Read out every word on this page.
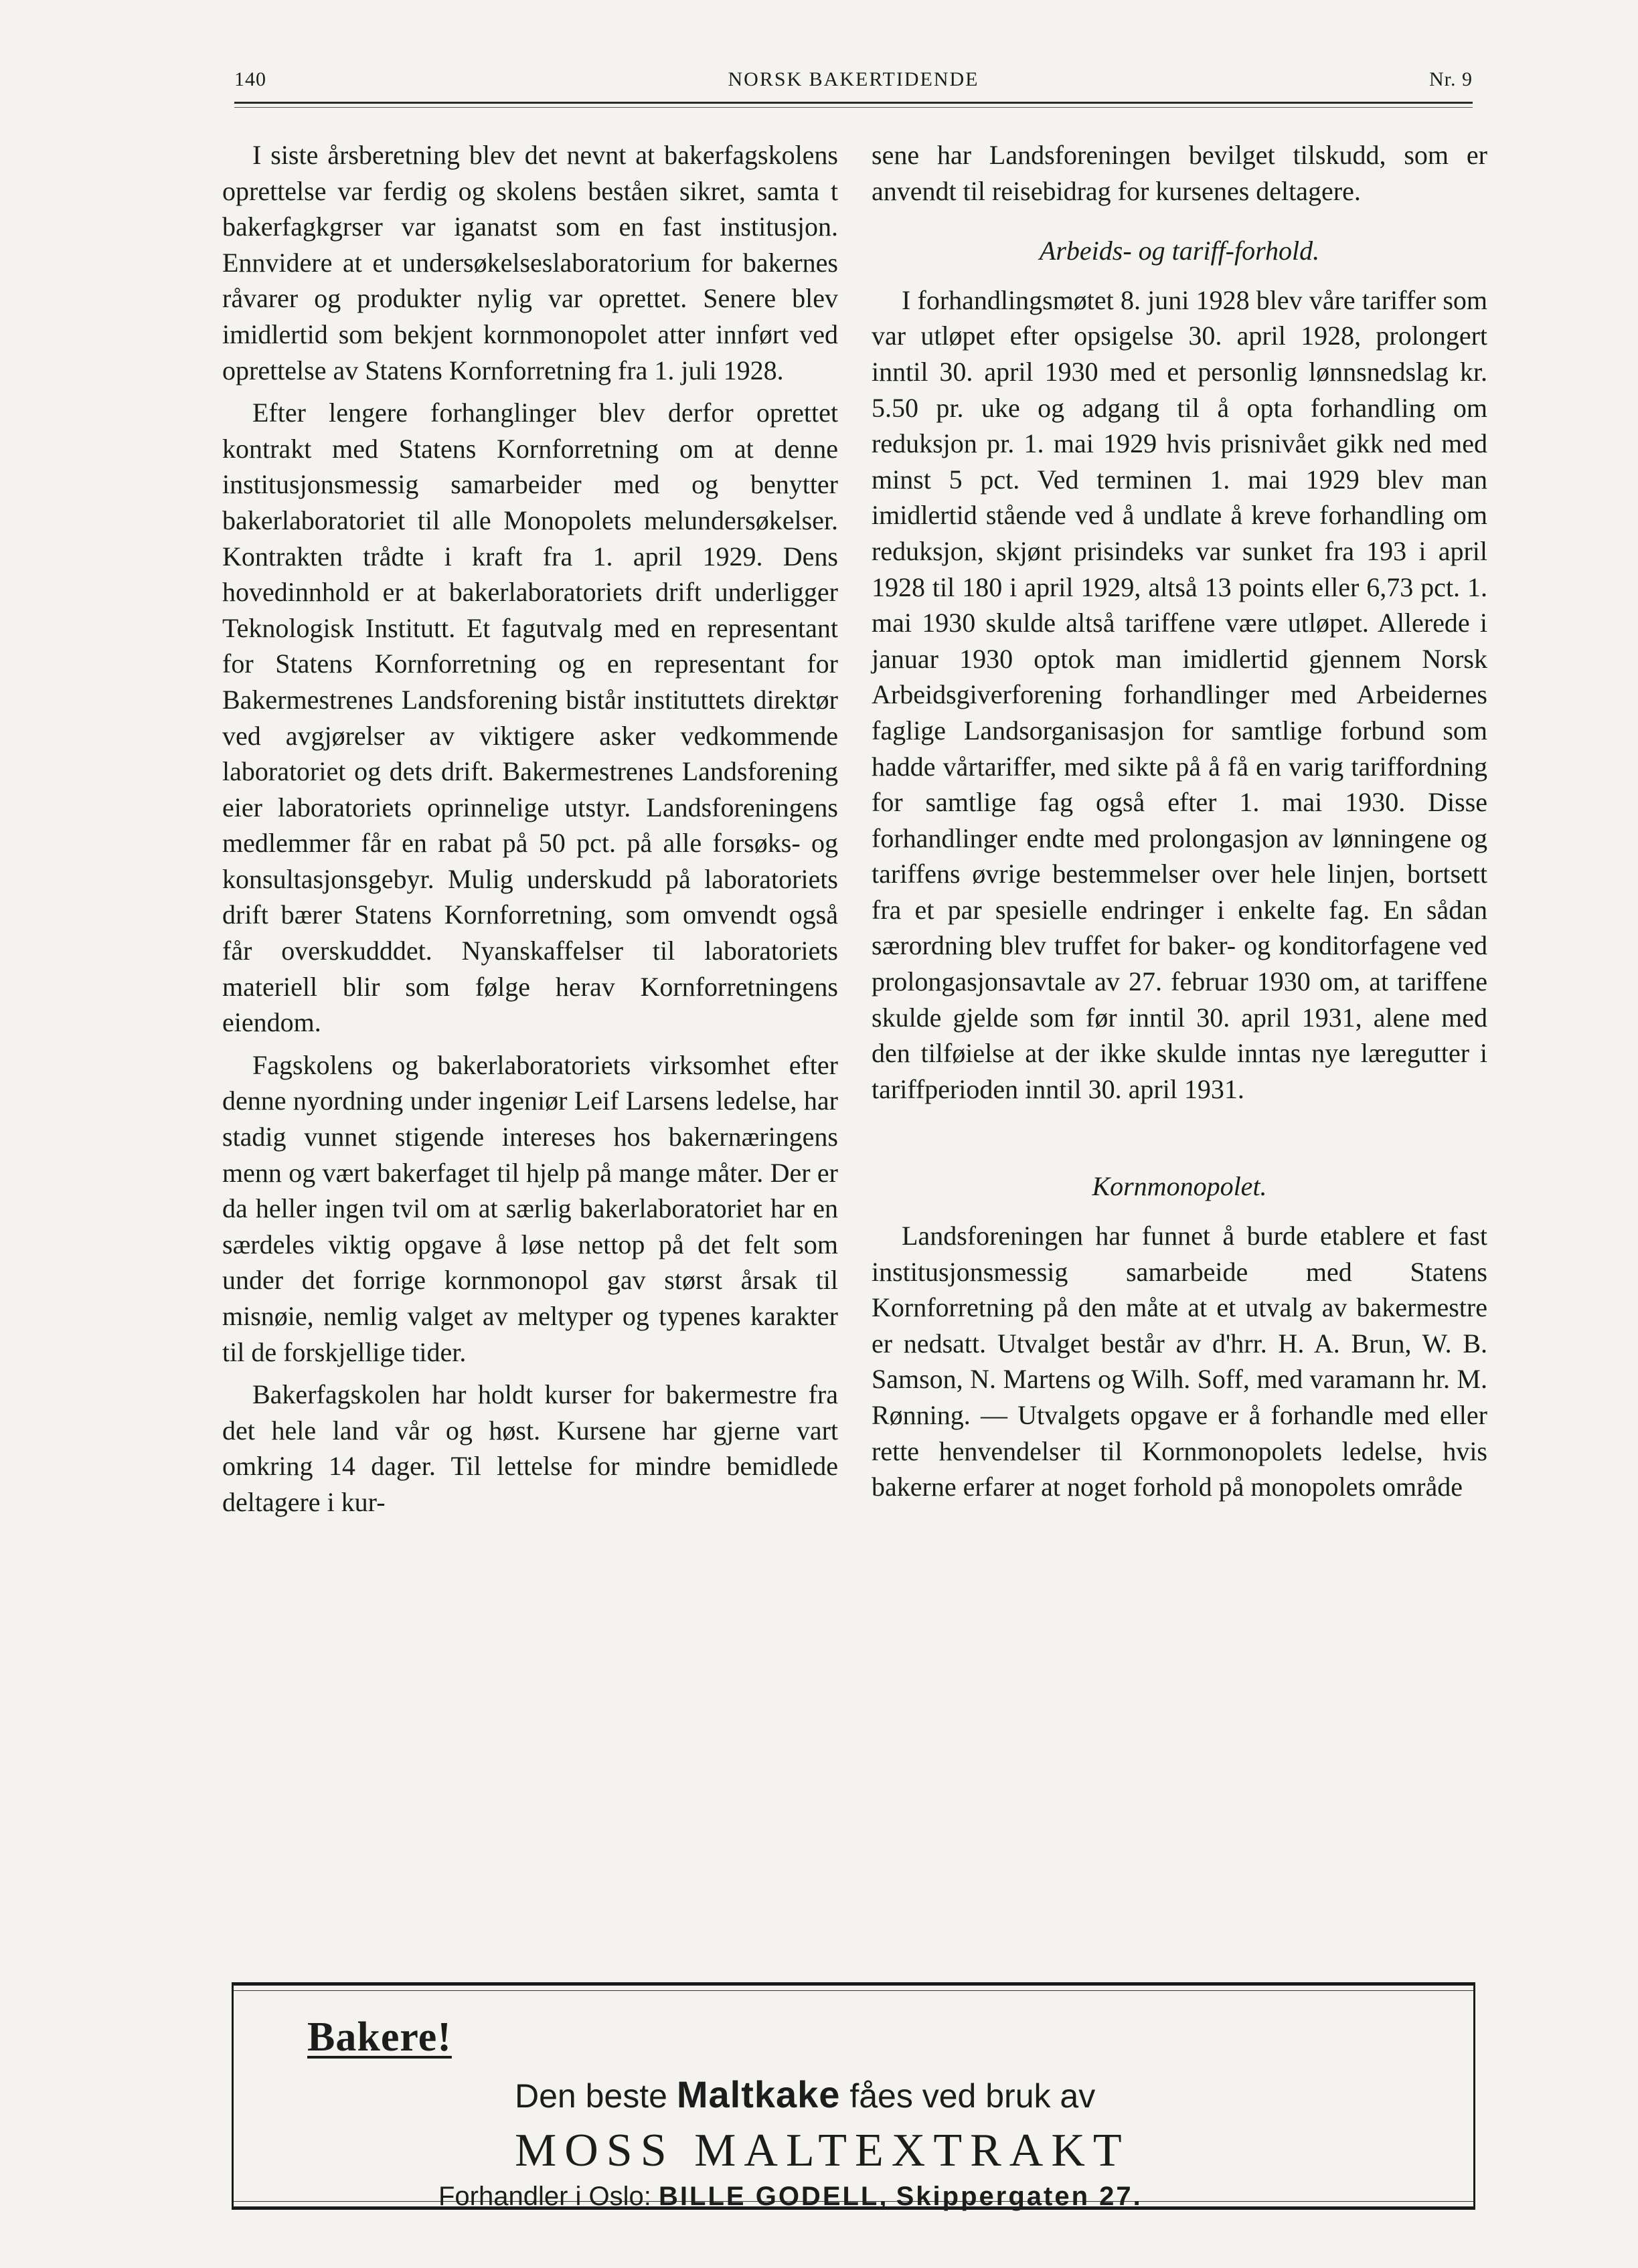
140	NORSK BAKERTIDENDE	Nr. 9

I siste årsberetning blev det nevnt at bakerfagskolens oprettelse var ferdig og skolens beståen sikret, samta t bakerfagkgrser var iganatst som en fast institusjon. Ennvidere at et undersøkelseslaboratorium for bakernes råvarer og produkter nylig var oprettet. Senere blev imidlertid som bekjent kornmonopolet atter innført ved oprettelse av Statens Kornforretning fra 1. juli 1928.

Efter lengere forhanglinger blev derfor oprettet kontrakt med Statens Kornforretning om at denne institusjonsmessig samarbeider med og benytter bakerlaboratoriet til alle Monopolets melundersøkelser. Kontrakten trådte i kraft fra 1. april 1929. Dens hovedinnhold er at bakerlaboratoriets drift underligger Teknologisk Institutt. Et fagutvalg med en representant for Statens Kornforretning og en representant for Bakermestrenes Landsforening bistår instituttets direktør ved avgjørelser av viktigere asker vedkommende laboratoriet og dets drift. Bakermestrenes Landsforening eier laboratoriets oprinnelige utstyr. Landsforeningens medlemmer får en rabat på 50 pct. på alle forsøks- og konsultasjonsgebyr. Mulig underskudd på laboratoriets drift bærer Statens Kornforretning, som omvendt også får overskudddet. Nyanskaffelser til laboratoriets materiell blir som følge herav Kornforretningens eiendom.

Fagskolens og bakerlaboratoriets virksomhet efter denne nyordning under ingeniør Leif Larsens ledelse, har stadig vunnet stigende intereses hos bakernæringens menn og vært bakerfaget til hjelp på mange måter. Der er da heller ingen tvil om at særlig bakerlaboratoriet har en særdeles viktig opgave å løse nettop på det felt som under det forrige kornmonopol gav størst årsak til misnøie, nemlig valget av meltyper og typenes karakter til de forskjellige tider.

Bakerfagskolen har holdt kurser for bakermestre fra det hele land vår og høst. Kursene har gjerne vart omkring 14 dager. Til lettelse for mindre bemidlede deltagere i kur-

sene har Landsforeningen bevilget tilskudd, som er anvendt til reisebidrag for kursenes deltagere.

Arbeids- og tariff-forhold.

I forhandlingsmøtet 8. juni 1928 blev våre tariffer som var utløpet efter opsigelse 30. april 1928, prolongert inntil 30. april 1930 med et personlig lønnsnedslag kr. 5.50 pr. uke og adgang til å opta forhandling om reduksjon pr. 1. mai 1929 hvis prisnivået gikk ned med minst 5 pct. Ved terminen 1. mai 1929 blev man imidlertid stående ved å undlate å kreve forhandling om reduksjon, skjønt prisindeks var sunket fra 193 i april 1928 til 180 i april 1929, altså 13 points eller 6,73 pct. 1. mai 1930 skulde altså tariffene være utløpet. Allerede i januar 1930 optok man imidlertid gjennem Norsk Arbeidsgiverforening forhandlinger med Arbeidernes faglige Landsorganisasjon for samtlige forbund som hadde vårtariffer, med sikte på å få en varig tariffordning for samtlige fag også efter 1. mai 1930. Disse forhandlinger endte med prolongasjon av lønningene og tariffens øvrige bestemmelser over hele linjen, bortsett fra et par spesielle endringer i enkelte fag. En sådan særordning blev truffet for baker- og konditorfagene ved prolongasjonsavtale av 27. februar 1930 om, at tariffene skulde gjelde som før inntil 30. april 1931, alene med den tilføielse at der ikke skulde inntas nye læregutter i tariffperioden inntil 30. april 1931.

Kornmonopolet.

Landsforeningen har funnet å burde etablere et fast institusjonsmessig samarbeide med Statens Kornforretning på den måte at et utvalg av bakermestre er nedsatt. Utvalget består av d'hrr. H. A. Brun, W. B. Samson, N. Martens og Wilh. Soff, med varamann hr. M. Rønning. — Utvalgets opgave er å forhandle med eller rette henvendelser til Kornmonopolets ledelse, hvis bakerne erfarer at noget forhold på monopolets område

Bakere!
Den beste Maltkake fåes ved bruk av
MOSS MALTEXTRAKT
Forhandler i Oslo: BILLE GODELL, Skippergaten 27.
